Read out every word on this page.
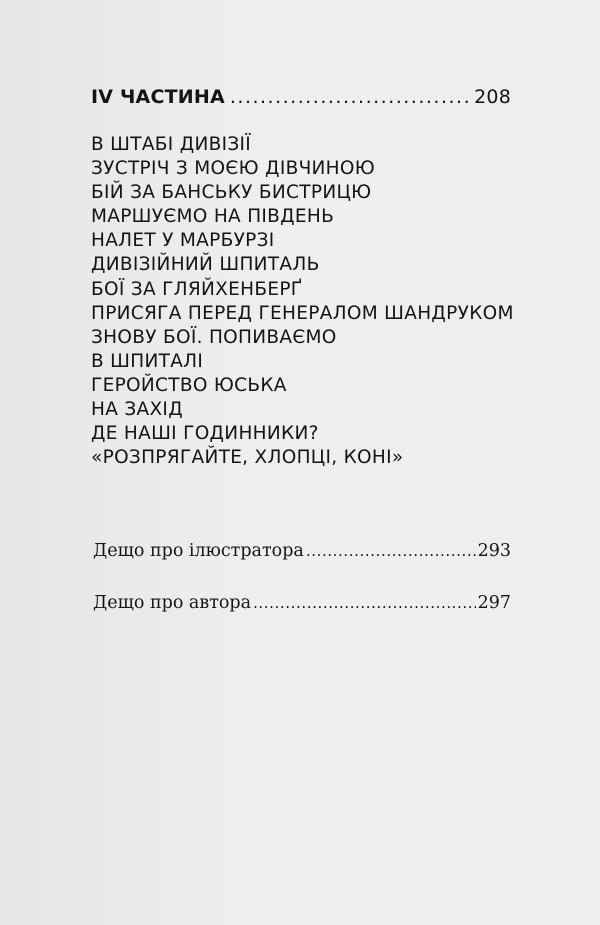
IV ЧАСТИНА .....	208
В ШТАБІ ДИВІЗІЇ
ЗУСТРІЧ З МОЄЮ ДІВЧИНОЮ
БІЙ ЗА БАНСЬКУ БИСТРИЦЮ
МАРШУЄМО НА ПІВДЕНЬ
НАЛЕТ У МАРБУРЗІ
ДИВІЗІЙНИЙ ШПИТАЛЬ
БОЇ ЗА ГЛЯЙХЕНБЕРҐ
ПРИСЯГА ПЕРЕД ГЕНЕРАЛОМ ШАНДРУКОМ
ЗНОВУ БОЇ. ПОПИВАЄМО
В ШПИТАЛІ
ГЕРОЙСТВО ЮСЬКА
НА ЗАХІД
ДЕ НАШІ ГОДИННИКИ?
«РОЗПРЯГАЙТЕ, ХЛОПЦІ, КОНІ»
Дещо про ілюстратора .....	293
Дещо про автора .....	297
